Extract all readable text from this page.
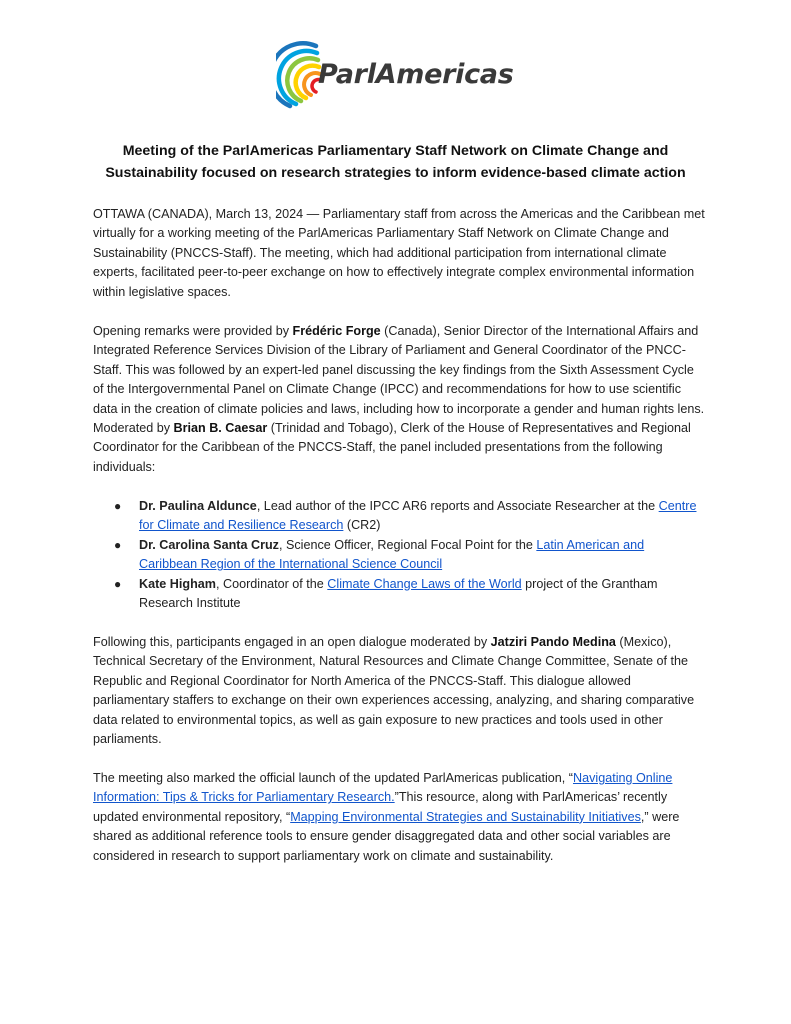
ParlAmericas
Meeting of the ParlAmericas Parliamentary Staff Network on Climate Change and Sustainability focused on research strategies to inform evidence-based climate action
OTTAWA (CANADA), March 13, 2024 — Parliamentary staff from across the Americas and the Caribbean met virtually for a working meeting of the ParlAmericas Parliamentary Staff Network on Climate Change and Sustainability (PNCCS-Staff). The meeting, which had additional participation from international climate experts, facilitated peer-to-peer exchange on how to effectively integrate complex environmental information within legislative spaces.
Opening remarks were provided by Frédéric Forge (Canada), Senior Director of the International Affairs and Integrated Reference Services Division of the Library of Parliament and General Coordinator of the PNCC-Staff. This was followed by an expert-led panel discussing the key findings from the Sixth Assessment Cycle of the Intergovernmental Panel on Climate Change (IPCC) and recommendations for how to use scientific data in the creation of climate policies and laws, including how to incorporate a gender and human rights lens. Moderated by Brian B. Caesar (Trinidad and Tobago), Clerk of the House of Representatives and Regional Coordinator for the Caribbean of the PNCCS-Staff, the panel included presentations from the following individuals:
● Dr. Paulina Aldunce, Lead author of the IPCC AR6 reports and Associate Researcher at the Centre for Climate and Resilience Research (CR2)
● Dr. Carolina Santa Cruz, Science Officer, Regional Focal Point for the Latin American and Caribbean Region of the International Science Council
● Kate Higham, Coordinator of the Climate Change Laws of the World project of the Grantham Research Institute
Following this, participants engaged in an open dialogue moderated by Jatziri Pando Medina (Mexico), Technical Secretary of the Environment, Natural Resources and Climate Change Committee, Senate of the Republic and Regional Coordinator for North America of the PNCCS-Staff. This dialogue allowed parliamentary staffers to exchange on their own experiences accessing, analyzing, and sharing comparative data related to environmental topics, as well as gain exposure to new practices and tools used in other parliaments.
The meeting also marked the official launch of the updated ParlAmericas publication, “Navigating Online Information: Tips & Tricks for Parliamentary Research.”This resource, along with ParlAmericas’ recently updated environmental repository, “Mapping Environmental Strategies and Sustainability Initiatives,” were shared as additional reference tools to ensure gender disaggregated data and other social variables are considered in research to support parliamentary work on climate and sustainability.
